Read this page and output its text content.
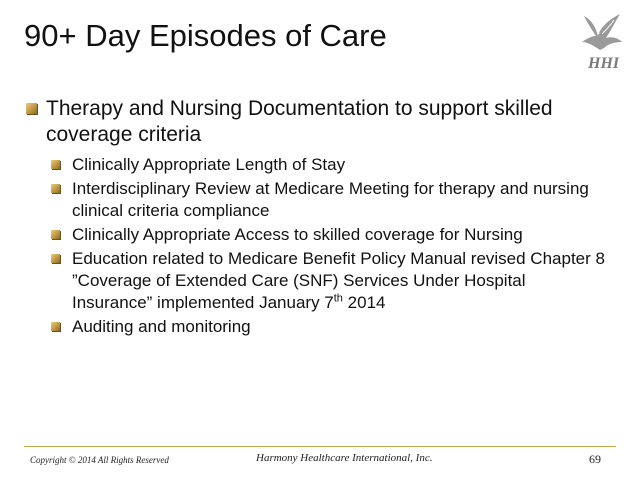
90+ Day Episodes of Care
HHI
Therapy and Nursing Documentation to support skilled coverage criteria
Clinically Appropriate Length of Stay
Interdisciplinary Review at Medicare Meeting for therapy and nursing clinical criteria compliance
Clinically Appropriate Access to skilled coverage for Nursing
Education related to Medicare Benefit Policy Manual revised Chapter 8 ”Coverage of Extended Care (SNF) Services Under Hospital Insurance” implemented January 7th 2014
Auditing and monitoring
Copyright © 2014 All Rights Reserved	Harmony Healthcare International, Inc.	69
